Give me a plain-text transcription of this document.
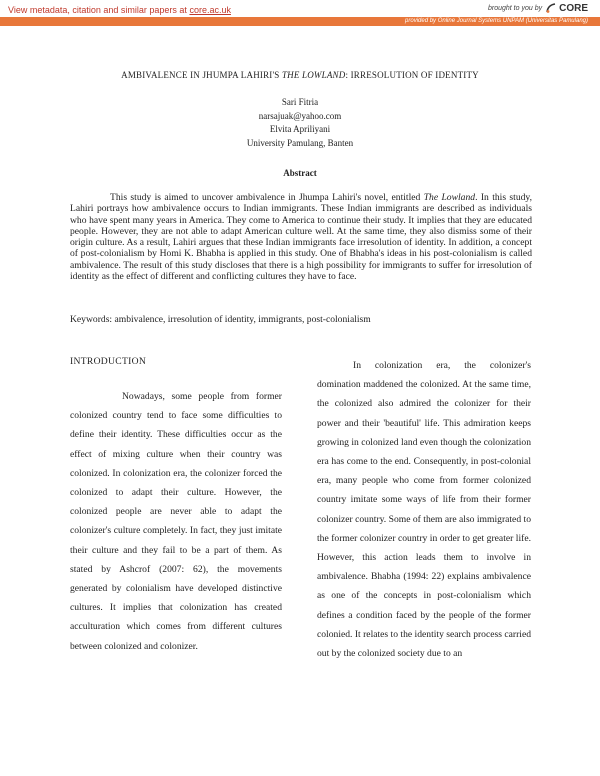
View metadata, citation and similar papers at core.ac.uk	brought to you by CORE
provided by Online Journal Systems UNPAM (Universitas Pamulang)
AMBIVALENCE IN JHUMPA LAHIRI'S THE LOWLAND: IRRESOLUTION OF IDENTITY
Sari Fitria
narsajuak@yahoo.com
Elvita Apriliyani
University Pamulang, Banten
Abstract
This study is aimed to uncover ambivalence in Jhumpa Lahiri's novel, entitled The Lowland. In this study, Lahiri portrays how ambivalence occurs to Indian immigrants. These Indian immigrants are described as individuals who have spent many years in America. They come to America to continue their study. It implies that they are educated people. However, they are not able to adapt American culture well. At the same time, they also dismiss some of their origin culture. As a result, Lahiri argues that these Indian immigrants face irresolution of identity. In addition, a concept of post-colonialism by Homi K. Bhabha is applied in this study. One of Bhabha's ideas in his post-colonialism is called ambivalence. The result of this study discloses that there is a high possibility for immigrants to suffer for irresolution of identity as the effect of different and conflicting cultures they have to face.
Keywords: ambivalence, irresolution of identity, immigrants, post-colonialism
INTRODUCTION

Nowadays, some people from former colonized country tend to face some difficulties to define their identity. These difficulties occur as the effect of mixing culture when their country was colonized. In colonization era, the colonizer forced the colonized to adapt their culture. However, the colonized people are never able to adapt the colonizer's culture completely. In fact, they just imitate their culture and they fail to be a part of them. As stated by Ashcrof (2007: 62), the movements generated by colonialism have developed distinctive cultures. It implies that colonization has created acculturation which comes from different cultures between colonized and colonizer.

In colonization era, the colonizer's domination maddened the colonized. At the same time, the colonized also admired the colonizer for their power and their 'beautiful' life. This admiration keeps growing in colonized land even though the colonization era has come to the end. Consequently, in post-colonial era, many people who come from former colonized country imitate some ways of life from their former colonizer country. Some of them are also immigrated to the former colonizer country in order to get greater life. However, this action leads them to involve in ambivalence. Bhabha (1994: 22) explains ambivalence as one of the concepts in post-colonialism which defines a condition faced by the people of the former colonied. It relates to the identity search process carried out by the colonized society due to an
